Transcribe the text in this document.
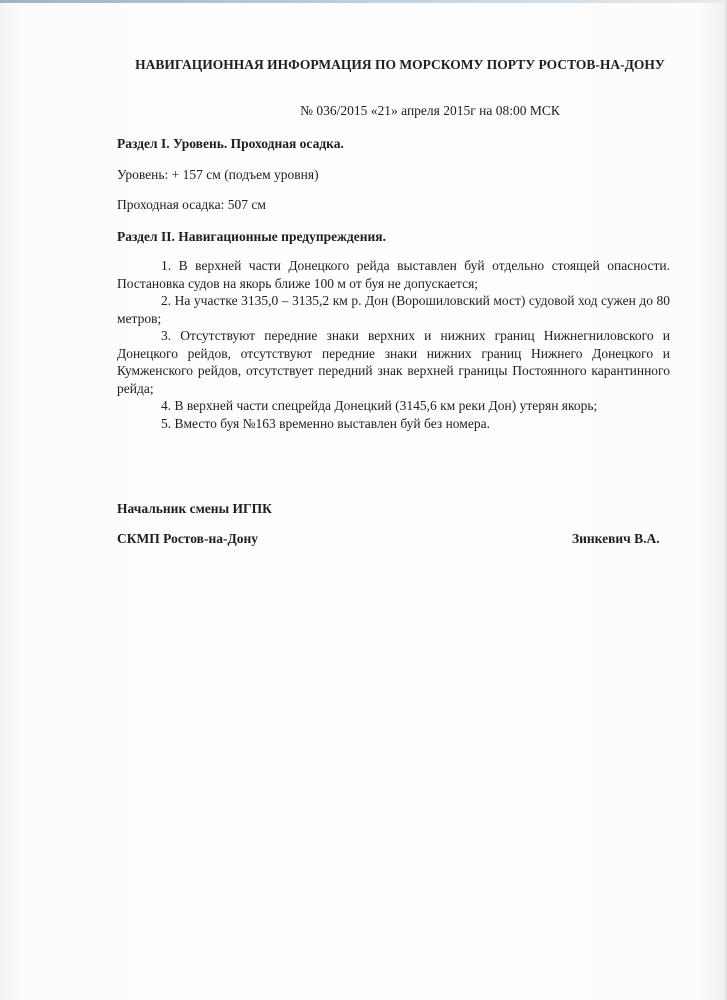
НАВИГАЦИОННАЯ ИНФОРМАЦИЯ ПО МОРСКОМУ ПОРТУ РОСТОВ-НА-ДОНУ
№ 036/2015 «21» апреля 2015г на 08:00 МСК
Раздел I. Уровень. Проходная осадка.
Уровень: + 157 см (подъем уровня)
Проходная осадка: 507 см
Раздел II. Навигационные предупреждения.

1. В верхней части Донецкого рейда выставлен буй отдельно стоящей опасности. Постановка судов на якорь ближе 100 м от буя не допускается;

2. На участке 3135,0 – 3135,2 км р. Дон (Ворошиловский мост) судовой ход сужен до 80 метров;

3. Отсутствуют передние знаки верхних и нижних границ Нижнегниловского и Донецкого рейдов, отсутствуют передние знаки нижних границ Нижнего Донецкого и Кумженского рейдов, отсутствует передний знак верхней границы Постоянного карантинного рейда;

4. В верхней части спецрейда Донецкий (3145,6 км реки Дон) утерян якорь;

5. Вместо буя №163 временно выставлен буй без номера.

Начальник смены ИГПК
СКМП Ростов-на-Дону	Зинкевич В.А.
